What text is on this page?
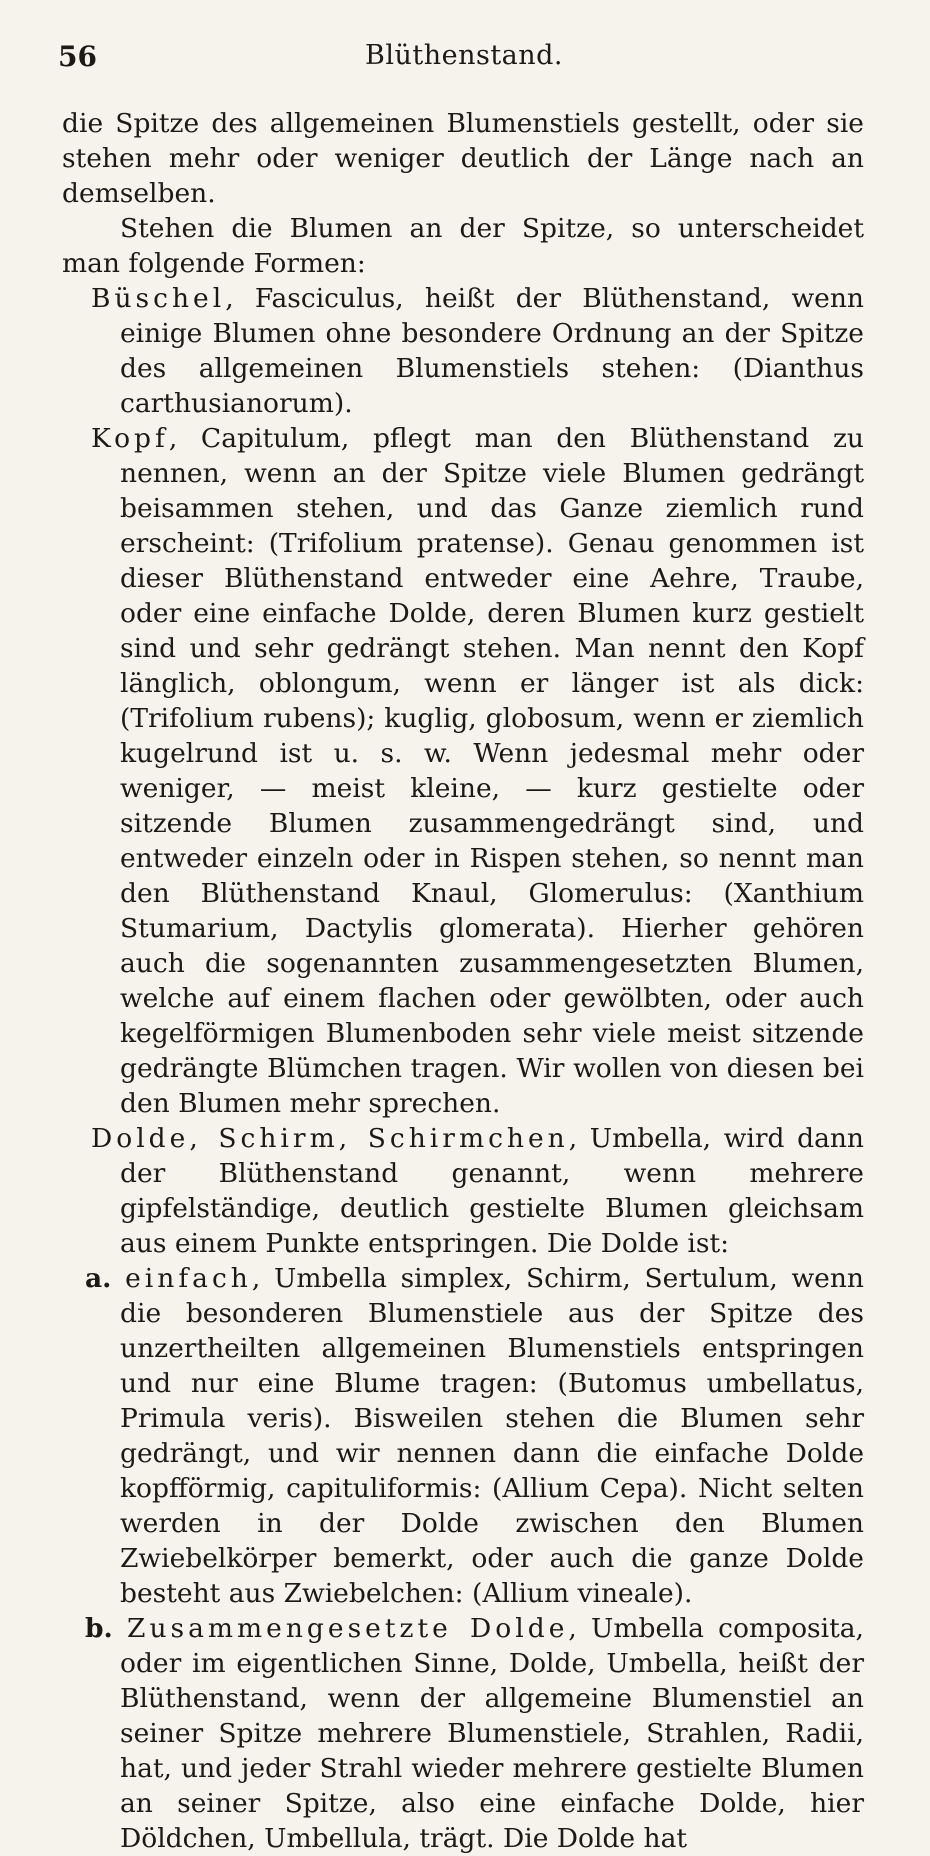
56	Blüthenstand.

die Spitze des allgemeinen Blumenstiels gestellt, oder sie stehen mehr oder weniger deutlich der Länge nach an demselben.

Stehen die Blumen an der Spitze, so unterscheidet man folgende Formen:

Büschel, Fasciculus, heißt der Blüthenstand, wenn einige Blumen ohne besondere Ordnung an der Spitze des allgemeinen Blumenstiels stehen: (Dianthus carthusianorum).

Kopf, Capitulum, pflegt man den Blüthenstand zu nennen, wenn an der Spitze viele Blumen gedrängt beisammen stehen, und das Ganze ziemlich rund erscheint: (Trifolium pratense). Genau genommen ist dieser Blüthenstand entweder eine Aehre, Traube, oder eine einfache Dolde, deren Blumen kurz gestielt sind und sehr gedrängt stehen. Man nennt den Kopf länglich, oblongum, wenn er länger ist als dick: (Trifolium rubens); kuglig, globosum, wenn er ziemlich kugelrund ist u. s. w. Wenn jedesmal mehr oder weniger, — meist kleine, — kurz gestielte oder sitzende Blumen zusammengedrängt sind, und entweder einzeln oder in Rispen stehen, so nennt man den Blüthenstand Knaul, Glomerulus: (Xanthium Stumarium, Dactylis glomerata). Hierher gehören auch die sogenannten zusammengesetzten Blumen, welche auf einem flachen oder gewölbten, oder auch kegelförmigen Blumenboden sehr viele meist sitzende gedrängte Blümchen tragen. Wir wollen von diesen bei den Blumen mehr sprechen.

Dolde, Schirm, Schirmchen, Umbella, wird dann der Blüthenstand genannt, wenn mehrere gipfelständige, deutlich gestielte Blumen gleichsam aus einem Punkte entspringen. Die Dolde ist:

a. einfach, Umbella simplex, Schirm, Sertulum, wenn die besonderen Blumenstiele aus der Spitze des unzertheilten allgemeinen Blumenstiels entspringen und nur eine Blume tragen: (Butomus umbellatus, Primula veris). Bisweilen stehen die Blumen sehr gedrängt, und wir nennen dann die einfache Dolde kopfförmig, capituliformis: (Allium Cepa). Nicht selten werden in der Dolde zwischen den Blumen Zwiebelkörper bemerkt, oder auch die ganze Dolde besteht aus Zwiebelchen: (Allium vineale).

b. Zusammengesetzte Dolde, Umbella composita, oder im eigentlichen Sinne, Dolde, Umbella, heißt der Blüthenstand, wenn der allgemeine Blumenstiel an seiner Spitze mehrere Blumenstiele, Strahlen, Radii, hat, und jeder Strahl wieder mehrere gestielte Blumen an seiner Spitze, also eine einfache Dolde, hier Döldchen, Umbellula, trägt. Die Dolde hat
